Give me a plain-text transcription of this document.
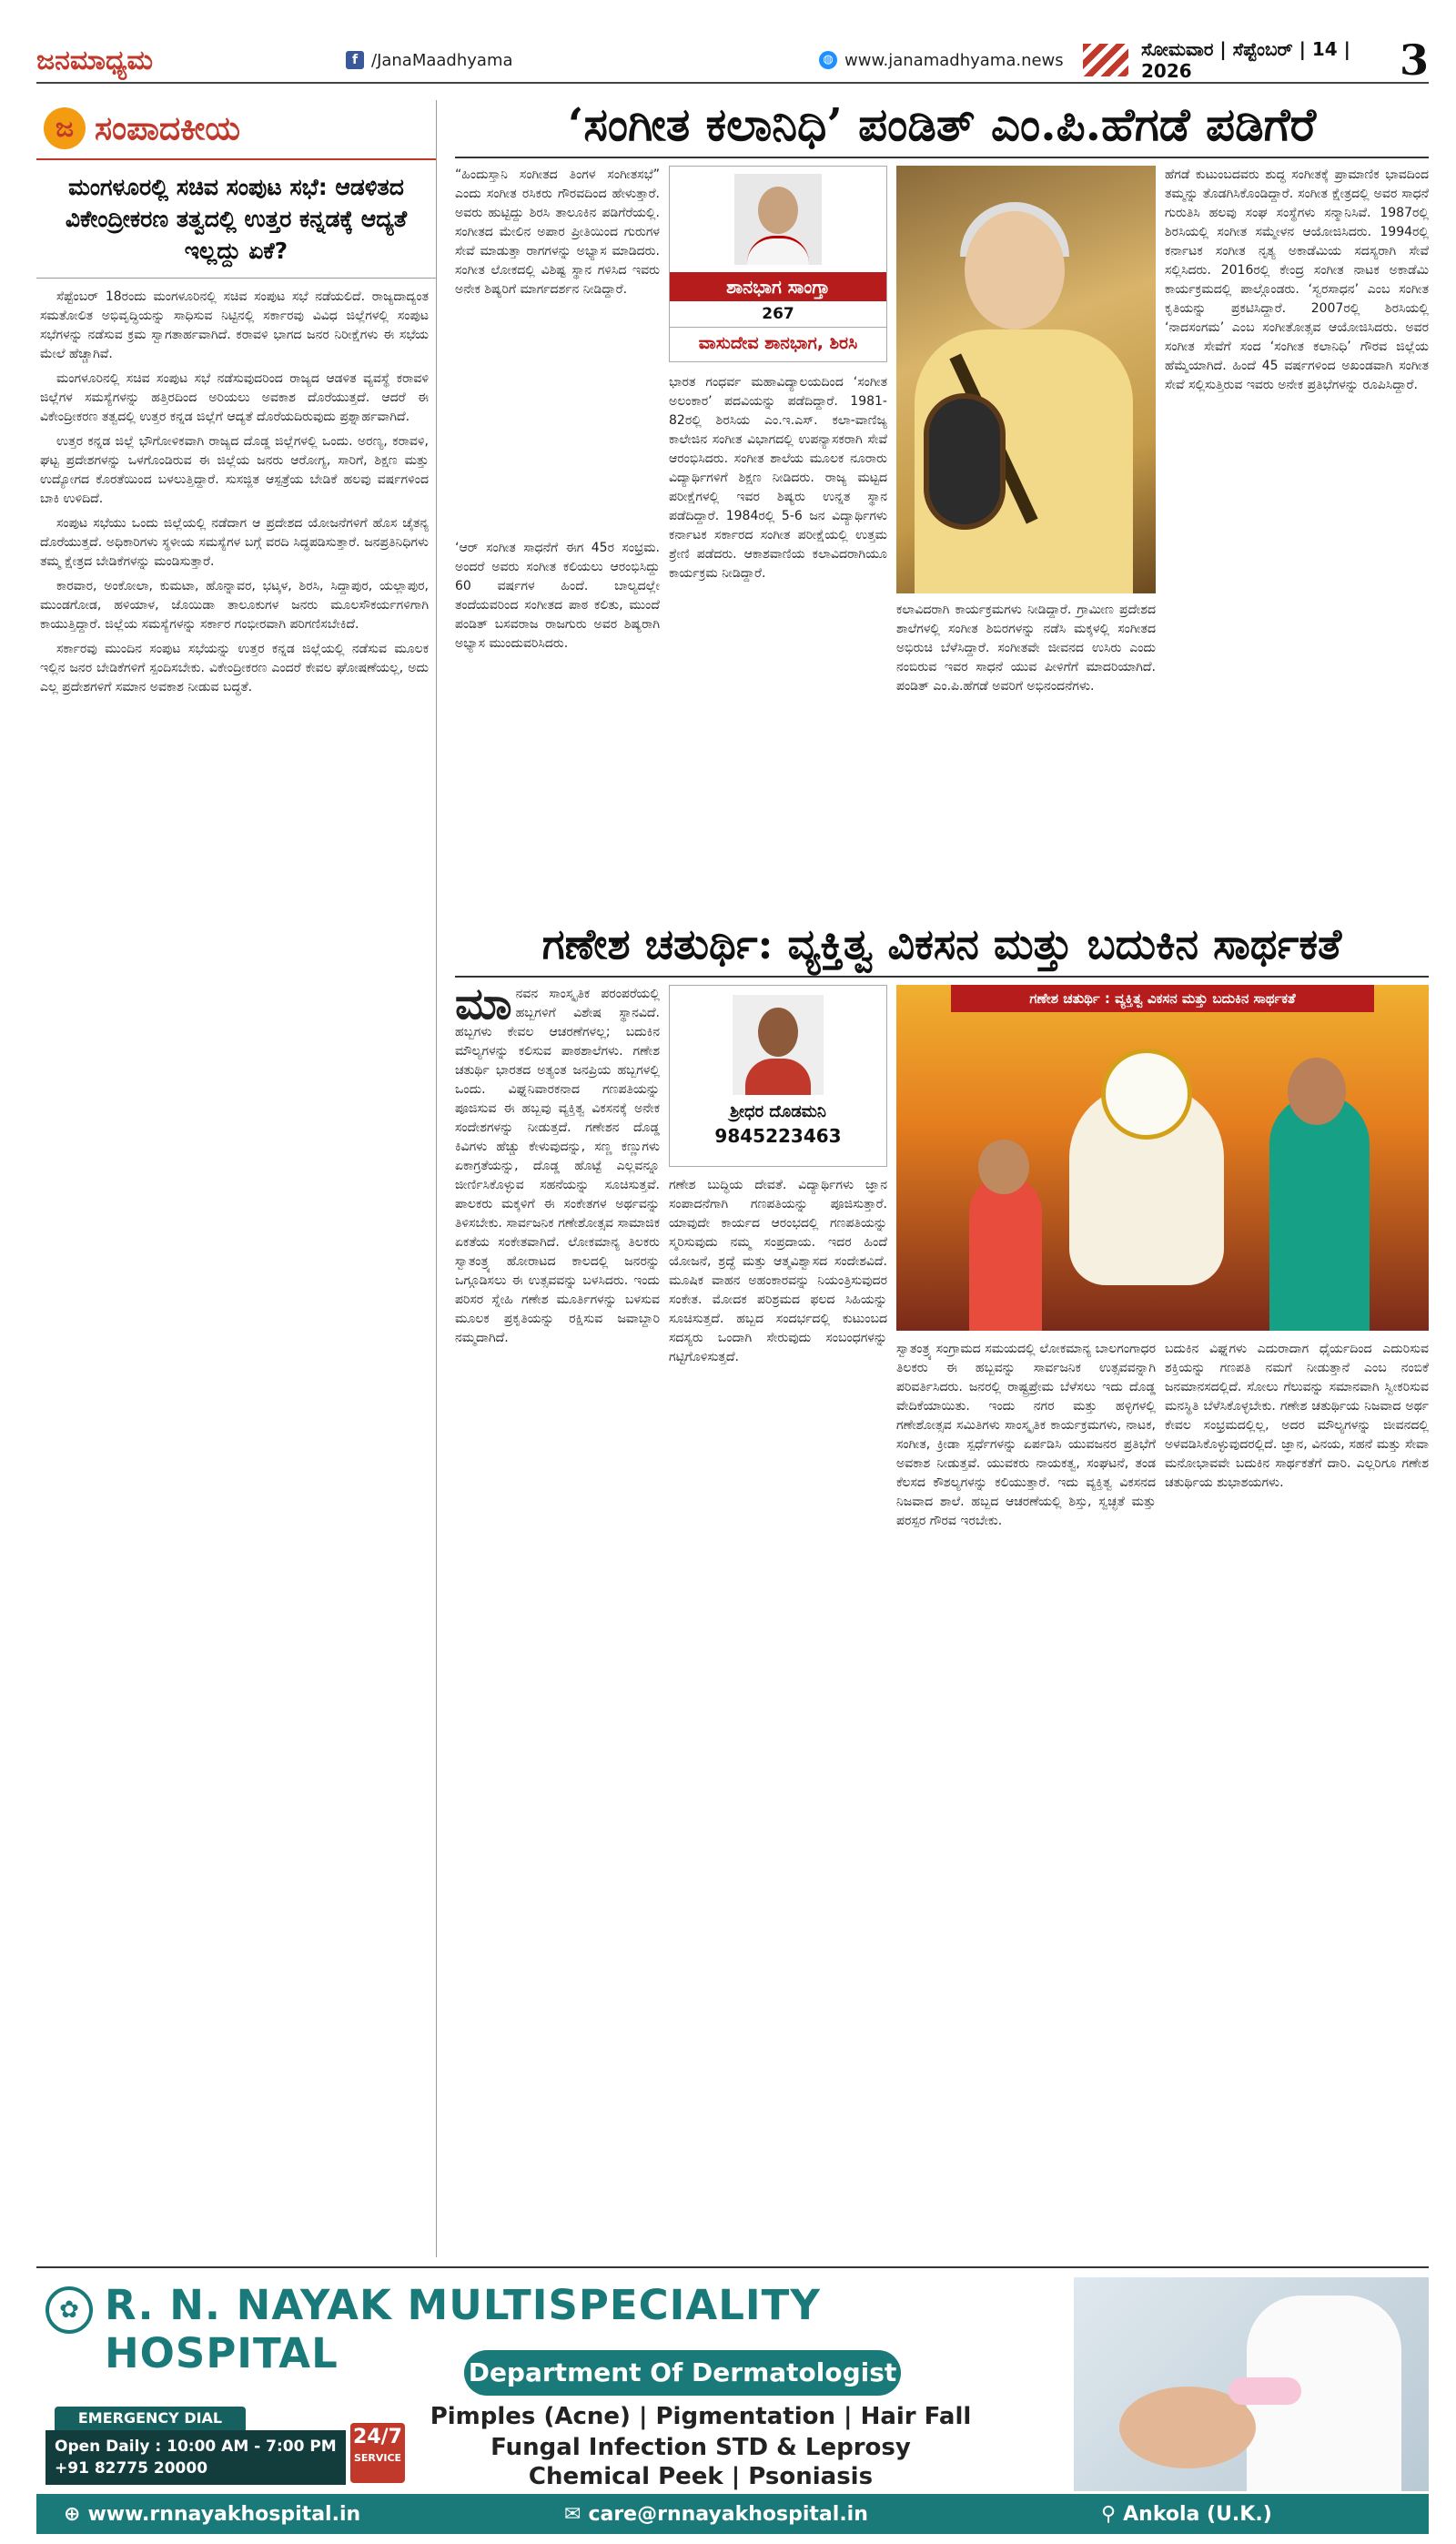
ಜನಮಾಧ್ಯಮ	f /JanaMaadhyama	◍ www.janamadhyama.news	ಸೋಮವಾರ | ಸೆಪ್ಟೆಂಬರ್ | 14 | 2026	3
ಜ ಸಂಪಾದಕೀಯ
ಮಂಗಳೂರಲ್ಲಿ ಸಚಿವ ಸಂಪುಟ ಸಭೆ: ಆಡಳಿತದ ವಿಕೇಂದ್ರೀಕರಣ ತತ್ವದಲ್ಲಿ ಉತ್ತರ ಕನ್ನಡಕ್ಕೆ ಆದ್ಯತೆ ಇಲ್ಲದ್ದು ಏಕೆ?

ಸೆಪ್ಟೆಂಬರ್ 18ರಂದು ಮಂಗಳೂರಿನಲ್ಲಿ ಸಚಿವ ಸಂಪುಟ ಸಭೆ ನಡೆಯಲಿದೆ. ರಾಜ್ಯದಾದ್ಯಂತ ಸಮತೋಲಿತ ಅಭಿವೃದ್ಧಿಯನ್ನು ಸಾಧಿಸುವ ನಿಟ್ಟಿನಲ್ಲಿ ಸರ್ಕಾರವು ವಿವಿಧ ಜಿಲ್ಲೆಗಳಲ್ಲಿ ಸಂಪುಟ ಸಭೆಗಳನ್ನು ನಡೆಸುವ ಕ್ರಮ ಸ್ವಾಗತಾರ್ಹವಾಗಿದೆ. ಕರಾವಳಿ ಭಾಗದ ಜನರ ನಿರೀಕ್ಷೆಗಳು ಈ ಸಭೆಯ ಮೇಲೆ ಹೆಚ್ಚಾಗಿವೆ.

ಮಂಗಳೂರಿನಲ್ಲಿ ಸಚಿವ ಸಂಪುಟ ಸಭೆ ನಡೆಸುವುದರಿಂದ ರಾಜ್ಯದ ಆಡಳಿತ ವ್ಯವಸ್ಥೆ ಕರಾವಳಿ ಜಿಲ್ಲೆಗಳ ಸಮಸ್ಯೆಗಳನ್ನು ಹತ್ತಿರದಿಂದ ಅರಿಯಲು ಅವಕಾಶ ದೊರೆಯುತ್ತದೆ. ಆದರೆ ಈ ವಿಕೇಂದ್ರೀಕರಣ ತತ್ವದಲ್ಲಿ ಉತ್ತರ ಕನ್ನಡ ಜಿಲ್ಲೆಗೆ ಆದ್ಯತೆ ದೊರೆಯದಿರುವುದು ಪ್ರಶ್ನಾರ್ಹವಾಗಿದೆ.

ಉತ್ತರ ಕನ್ನಡ ಜಿಲ್ಲೆ ಭೌಗೋಳಿಕವಾಗಿ ರಾಜ್ಯದ ದೊಡ್ಡ ಜಿಲ್ಲೆಗಳಲ್ಲಿ ಒಂದು. ಅರಣ್ಯ, ಕರಾವಳಿ, ಘಟ್ಟ ಪ್ರದೇಶಗಳನ್ನು ಒಳಗೊಂಡಿರುವ ಈ ಜಿಲ್ಲೆಯ ಜನರು ಆರೋಗ್ಯ, ಸಾರಿಗೆ, ಶಿಕ್ಷಣ ಮತ್ತು ಉದ್ಯೋಗದ ಕೊರತೆಯಿಂದ ಬಳಲುತ್ತಿದ್ದಾರೆ. ಸುಸಜ್ಜಿತ ಆಸ್ಪತ್ರೆಯ ಬೇಡಿಕೆ ಹಲವು ವರ್ಷಗಳಿಂದ ಬಾಕಿ ಉಳಿದಿದೆ.

ಸಂಪುಟ ಸಭೆಯು ಒಂದು ಜಿಲ್ಲೆಯಲ್ಲಿ ನಡೆದಾಗ ಆ ಪ್ರದೇಶದ ಯೋಜನೆಗಳಿಗೆ ಹೊಸ ಚೈತನ್ಯ ದೊರೆಯುತ್ತದೆ. ಅಧಿಕಾರಿಗಳು ಸ್ಥಳೀಯ ಸಮಸ್ಯೆಗಳ ಬಗ್ಗೆ ವರದಿ ಸಿದ್ಧಪಡಿಸುತ್ತಾರೆ. ಜನಪ್ರತಿನಿಧಿಗಳು ತಮ್ಮ ಕ್ಷೇತ್ರದ ಬೇಡಿಕೆಗಳನ್ನು ಮಂಡಿಸುತ್ತಾರೆ.

ಕಾರವಾರ, ಅಂಕೋಲಾ, ಕುಮಟಾ, ಹೊನ್ನಾವರ, ಭಟ್ಕಳ, ಶಿರಸಿ, ಸಿದ್ದಾಪುರ, ಯಲ್ಲಾಪುರ, ಮುಂಡಗೋಡ, ಹಳಿಯಾಳ, ಜೊಯಿಡಾ ತಾಲೂಕುಗಳ ಜನರು ಮೂಲಸೌಕರ್ಯಗಳಿಗಾಗಿ ಕಾಯುತ್ತಿದ್ದಾರೆ. ಜಿಲ್ಲೆಯ ಸಮಸ್ಯೆಗಳನ್ನು ಸರ್ಕಾರ ಗಂಭೀರವಾಗಿ ಪರಿಗಣಿಸಬೇಕಿದೆ.

ಸರ್ಕಾರವು ಮುಂದಿನ ಸಂಪುಟ ಸಭೆಯನ್ನು ಉತ್ತರ ಕನ್ನಡ ಜಿಲ್ಲೆಯಲ್ಲಿ ನಡೆಸುವ ಮೂಲಕ ಇಲ್ಲಿನ ಜನರ ಬೇಡಿಕೆಗಳಿಗೆ ಸ್ಪಂದಿಸಬೇಕು. ವಿಕೇಂದ್ರೀಕರಣ ಎಂದರೆ ಕೇವಲ ಘೋಷಣೆಯಲ್ಲ, ಅದು ಎಲ್ಲ ಪ್ರದೇಶಗಳಿಗೆ ಸಮಾನ ಅವಕಾಶ ನೀಡುವ ಬದ್ಧತೆ.

‘ಸಂಗೀತ ಕಲಾನಿಧಿ’ ಪಂಡಿತ್ ಎಂ.ಪಿ.ಹೆಗಡೆ ಪಡಿಗೆರೆ
“ಹಿಂದುಸ್ತಾನಿ ಸಂಗೀತದ ತಿಂಗಳ ಸಂಗೀತಸಭೆ” ಎಂದು ಸಂಗೀತ ರಸಿಕರು ಗೌರವದಿಂದ ಹೇಳುತ್ತಾರೆ. ಅವರು ಹುಟ್ಟಿದ್ದು ಶಿರಸಿ ತಾಲೂಕಿನ ಪಡಿಗೆರೆಯಲ್ಲಿ. ಸಂಗೀತದ ಮೇಲಿನ ಅಪಾರ ಪ್ರೀತಿಯಿಂದ ಗುರುಗಳ ಸೇವೆ ಮಾಡುತ್ತಾ ರಾಗಗಳನ್ನು ಅಭ್ಯಾಸ ಮಾಡಿದರು. ಸಂಗೀತ ಲೋಕದಲ್ಲಿ ವಿಶಿಷ್ಟ ಸ್ಥಾನ ಗಳಿಸಿದ ಇವರು ಅನೇಕ ಶಿಷ್ಯರಿಗೆ ಮಾರ್ಗದರ್ಶನ ನೀಡಿದ್ದಾರೆ.	ಶಾನಭಾಗ ಸಾಂಗ್ತಾ
267
ವಾಸುದೇವ ಶಾನಭಾಗ, ಶಿರಸಿ
ಭಾರತ ಗಂಧರ್ವ ಮಹಾವಿದ್ಯಾಲಯದಿಂದ ‘ಸಂಗೀತ ಅಲಂಕಾರ’ ಪದವಿಯನ್ನು ಪಡೆದಿದ್ದಾರೆ. 1981-82ರಲ್ಲಿ ಶಿರಸಿಯ ಎಂ.ಇ.ಎಸ್. ಕಲಾ-ವಾಣಿಜ್ಯ ಕಾಲೇಜಿನ ಸಂಗೀತ ವಿಭಾಗದಲ್ಲಿ ಉಪನ್ಯಾಸಕರಾಗಿ ಸೇವೆ ಆರಂಭಿಸಿದರು. ಸಂಗೀತ ಶಾಲೆಯ ಮೂಲಕ ನೂರಾರು ವಿದ್ಯಾರ್ಥಿಗಳಿಗೆ ಶಿಕ್ಷಣ ನೀಡಿದರು. ರಾಜ್ಯ ಮಟ್ಟದ ಪರೀಕ್ಷೆಗಳಲ್ಲಿ ಇವರ ಶಿಷ್ಯರು ಉನ್ನತ ಸ್ಥಾನ ಪಡೆದಿದ್ದಾರೆ. 1984ರಲ್ಲಿ 5-6 ಜನ ವಿದ್ಯಾರ್ಥಿಗಳು ಕರ್ನಾಟಕ ಸರ್ಕಾರದ ಸಂಗೀತ ಪರೀಕ್ಷೆಯಲ್ಲಿ ಉತ್ತಮ ಶ್ರೇಣಿ ಪಡೆದರು. ಆಕಾಶವಾಣಿಯ ಕಲಾವಿದರಾಗಿಯೂ ಕಾರ್ಯಕ್ರಮ ನೀಡಿದ್ದಾರೆ.
ಹೆಗಡೆ ಕುಟುಂಬದವರು ಶುದ್ಧ ಸಂಗೀತಕ್ಕೆ ಪ್ರಾಮಾಣಿಕ ಭಾವದಿಂದ ತಮ್ಮನ್ನು ತೊಡಗಿಸಿಕೊಂಡಿದ್ದಾರೆ. ಸಂಗೀತ ಕ್ಷೇತ್ರದಲ್ಲಿ ಅವರ ಸಾಧನೆ ಗುರುತಿಸಿ ಹಲವು ಸಂಘ ಸಂಸ್ಥೆಗಳು ಸನ್ಮಾನಿಸಿವೆ. 1987ರಲ್ಲಿ ಶಿರಸಿಯಲ್ಲಿ ಸಂಗೀತ ಸಮ್ಮೇಳನ ಆಯೋಜಿಸಿದರು. 1994ರಲ್ಲಿ ಕರ್ನಾಟಕ ಸಂಗೀತ ನೃತ್ಯ ಅಕಾಡೆಮಿಯ ಸದಸ್ಯರಾಗಿ ಸೇವೆ ಸಲ್ಲಿಸಿದರು. 2016ರಲ್ಲಿ ಕೇಂದ್ರ ಸಂಗೀತ ನಾಟಕ ಅಕಾಡೆಮಿ ಕಾರ್ಯಕ್ರಮದಲ್ಲಿ ಪಾಲ್ಗೊಂಡರು. ‘ಸ್ವರಸಾಧನ’ ಎಂಬ ಸಂಗೀತ ಕೃತಿಯನ್ನು ಪ್ರಕಟಿಸಿದ್ದಾರೆ. 2007ರಲ್ಲಿ ಶಿರಸಿಯಲ್ಲಿ ‘ನಾದಸಂಗಮ’ ಎಂಬ ಸಂಗೀತೋತ್ಸವ ಆಯೋಜಿಸಿದರು. ಅವರ ಸಂಗೀತ ಸೇವೆಗೆ ಸಂದ ‘ಸಂಗೀತ ಕಲಾನಿಧಿ’ ಗೌರವ ಜಿಲ್ಲೆಯ ಹೆಮ್ಮೆಯಾಗಿದೆ. ಹಿಂದೆ 45 ವರ್ಷಗಳಿಂದ ಅಖಂಡವಾಗಿ ಸಂಗೀತ ಸೇವೆ ಸಲ್ಲಿಸುತ್ತಿರುವ ಇವರು ಅನೇಕ ಪ್ರತಿಭೆಗಳನ್ನು ರೂಪಿಸಿದ್ದಾರೆ.
‘ಆರ್ ಸಂಗೀತ ಸಾಧನೆಗೆ ಈಗ 45ರ ಸಂಭ್ರಮ. ಅಂದರೆ ಅವರು ಸಂಗೀತ ಕಲಿಯಲು ಆರಂಭಿಸಿದ್ದು 60 ವರ್ಷಗಳ ಹಿಂದೆ. ಬಾಲ್ಯದಲ್ಲೇ ತಂದೆಯವರಿಂದ ಸಂಗೀತದ ಪಾಠ ಕಲಿತು, ಮುಂದೆ ಪಂಡಿತ್ ಬಸವರಾಜ ರಾಜಗುರು ಅವರ ಶಿಷ್ಯರಾಗಿ ಅಭ್ಯಾಸ ಮುಂದುವರಿಸಿದರು.
ಕಲಾವಿದರಾಗಿ ಕಾರ್ಯಕ್ರಮಗಳು ನೀಡಿದ್ದಾರೆ. ಗ್ರಾಮೀಣ ಪ್ರದೇಶದ ಶಾಲೆಗಳಲ್ಲಿ ಸಂಗೀತ ಶಿಬಿರಗಳನ್ನು ನಡೆಸಿ ಮಕ್ಕಳಲ್ಲಿ ಸಂಗೀತದ ಅಭಿರುಚಿ ಬೆಳೆಸಿದ್ದಾರೆ. ಸಂಗೀತವೇ ಜೀವನದ ಉಸಿರು ಎಂದು ನಂಬಿರುವ ಇವರ ಸಾಧನೆ ಯುವ ಪೀಳಿಗೆಗೆ ಮಾದರಿಯಾಗಿದೆ. ಪಂಡಿತ್ ಎಂ.ಪಿ.ಹೆಗಡೆ ಅವರಿಗೆ ಅಭಿನಂದನೆಗಳು.
ಗಣೇಶ ಚತುರ್ಥಿ: ವ್ಯಕ್ತಿತ್ವ ವಿಕಸನ ಮತ್ತು ಬದುಕಿನ ಸಾರ್ಥಕತೆ
ಮಾ ನವನ ಸಾಂಸ್ಕೃತಿಕ ಪರಂಪರೆಯಲ್ಲಿ ಹಬ್ಬಗಳಿಗೆ ವಿಶೇಷ ಸ್ಥಾನವಿದೆ. ಹಬ್ಬಗಳು ಕೇವಲ ಆಚರಣೆಗಳಲ್ಲ; ಬದುಕಿನ ಮೌಲ್ಯಗಳನ್ನು ಕಲಿಸುವ ಪಾಠಶಾಲೆಗಳು. ಗಣೇಶ ಚತುರ್ಥಿ ಭಾರತದ ಅತ್ಯಂತ ಜನಪ್ರಿಯ ಹಬ್ಬಗಳಲ್ಲಿ ಒಂದು. ವಿಘ್ನನಿವಾರಕನಾದ ಗಣಪತಿಯನ್ನು ಪೂಜಿಸುವ ಈ ಹಬ್ಬವು ವ್ಯಕ್ತಿತ್ವ ವಿಕಸನಕ್ಕೆ ಅನೇಕ ಸಂದೇಶಗಳನ್ನು ನೀಡುತ್ತದೆ. ಗಣೇಶನ ದೊಡ್ಡ ಕಿವಿಗಳು ಹೆಚ್ಚು ಕೇಳುವುದನ್ನು, ಸಣ್ಣ ಕಣ್ಣುಗಳು ಏಕಾಗ್ರತೆಯನ್ನು, ದೊಡ್ಡ ಹೊಟ್ಟೆ ಎಲ್ಲವನ್ನೂ ಜೀರ್ಣಿಸಿಕೊಳ್ಳುವ ಸಹನೆಯನ್ನು ಸೂಚಿಸುತ್ತವೆ. ಪಾಲಕರು ಮಕ್ಕಳಿಗೆ ಈ ಸಂಕೇತಗಳ ಅರ್ಥವನ್ನು ತಿಳಿಸಬೇಕು. ಸಾರ್ವಜನಿಕ ಗಣೇಶೋತ್ಸವ ಸಾಮಾಜಿಕ ಏಕತೆಯ ಸಂಕೇತವಾಗಿದೆ. ಲೋಕಮಾನ್ಯ ತಿಲಕರು ಸ್ವಾತಂತ್ರ್ಯ ಹೋರಾಟದ ಕಾಲದಲ್ಲಿ ಜನರನ್ನು ಒಗ್ಗೂಡಿಸಲು ಈ ಉತ್ಸವವನ್ನು ಬಳಸಿದರು. ಇಂದು ಪರಿಸರ ಸ್ನೇಹಿ ಗಣೇಶ ಮೂರ್ತಿಗಳನ್ನು ಬಳಸುವ ಮೂಲಕ ಪ್ರಕೃತಿಯನ್ನು ರಕ್ಷಿಸುವ ಜವಾಬ್ದಾರಿ ನಮ್ಮದಾಗಿದೆ.
ಶ್ರೀಧರ ದೊಡಮನಿ
9845223463
ಗಣೇಶ ಬುದ್ಧಿಯ ದೇವತೆ. ವಿದ್ಯಾರ್ಥಿಗಳು ಜ್ಞಾನ ಸಂಪಾದನೆಗಾಗಿ ಗಣಪತಿಯನ್ನು ಪೂಜಿಸುತ್ತಾರೆ. ಯಾವುದೇ ಕಾರ್ಯದ ಆರಂಭದಲ್ಲಿ ಗಣಪತಿಯನ್ನು ಸ್ಮರಿಸುವುದು ನಮ್ಮ ಸಂಪ್ರದಾಯ. ಇದರ ಹಿಂದೆ ಯೋಜನೆ, ಶ್ರದ್ಧೆ ಮತ್ತು ಆತ್ಮವಿಶ್ವಾಸದ ಸಂದೇಶವಿದೆ. ಮೂಷಿಕ ವಾಹನ ಅಹಂಕಾರವನ್ನು ನಿಯಂತ್ರಿಸುವುದರ ಸಂಕೇತ. ಮೋದಕ ಪರಿಶ್ರಮದ ಫಲದ ಸಿಹಿಯನ್ನು ಸೂಚಿಸುತ್ತದೆ. ಹಬ್ಬದ ಸಂದರ್ಭದಲ್ಲಿ ಕುಟುಂಬದ ಸದಸ್ಯರು ಒಂದಾಗಿ ಸೇರುವುದು ಸಂಬಂಧಗಳನ್ನು ಗಟ್ಟಿಗೊಳಿಸುತ್ತದೆ.
ಗಣೇಶ ಚತುರ್ಥಿ : ವ್ಯಕ್ತಿತ್ವ ವಿಕಸನ ಮತ್ತು ಬದುಕಿನ ಸಾರ್ಥಕತೆ
ಸ್ವಾತಂತ್ರ್ಯ ಸಂಗ್ರಾಮದ ಸಮಯದಲ್ಲಿ ಲೋಕಮಾನ್ಯ ಬಾಲಗಂಗಾಧರ ತಿಲಕರು ಈ ಹಬ್ಬವನ್ನು ಸಾರ್ವಜನಿಕ ಉತ್ಸವವನ್ನಾಗಿ ಪರಿವರ್ತಿಸಿದರು. ಜನರಲ್ಲಿ ರಾಷ್ಟ್ರಪ್ರೇಮ ಬೆಳೆಸಲು ಇದು ದೊಡ್ಡ ವೇದಿಕೆಯಾಯಿತು. ಇಂದು ನಗರ ಮತ್ತು ಹಳ್ಳಿಗಳಲ್ಲಿ ಗಣೇಶೋತ್ಸವ ಸಮಿತಿಗಳು ಸಾಂಸ್ಕೃತಿಕ ಕಾರ್ಯಕ್ರಮಗಳು, ನಾಟಕ, ಸಂಗೀತ, ಕ್ರೀಡಾ ಸ್ಪರ್ಧೆಗಳನ್ನು ಏರ್ಪಡಿಸಿ ಯುವಜನರ ಪ್ರತಿಭೆಗೆ ಅವಕಾಶ ನೀಡುತ್ತವೆ. ಯುವಕರು ನಾಯಕತ್ವ, ಸಂಘಟನೆ, ತಂಡ ಕೆಲಸದ ಕೌಶಲ್ಯಗಳನ್ನು ಕಲಿಯುತ್ತಾರೆ. ಇದು ವ್ಯಕ್ತಿತ್ವ ವಿಕಸನದ ನಿಜವಾದ ಶಾಲೆ. ಹಬ್ಬದ ಆಚರಣೆಯಲ್ಲಿ ಶಿಸ್ತು, ಸ್ವಚ್ಛತೆ ಮತ್ತು ಪರಸ್ಪರ ಗೌರವ ಇರಬೇಕು.
ಬದುಕಿನ ವಿಘ್ನಗಳು ಎದುರಾದಾಗ ಧೈರ್ಯದಿಂದ ಎದುರಿಸುವ ಶಕ್ತಿಯನ್ನು ಗಣಪತಿ ನಮಗೆ ನೀಡುತ್ತಾನೆ ಎಂಬ ನಂಬಿಕೆ ಜನಮಾನಸದಲ್ಲಿದೆ. ಸೋಲು ಗೆಲುವನ್ನು ಸಮಾನವಾಗಿ ಸ್ವೀಕರಿಸುವ ಮನಸ್ಥಿತಿ ಬೆಳೆಸಿಕೊಳ್ಳಬೇಕು. ಗಣೇಶ ಚತುರ್ಥಿಯ ನಿಜವಾದ ಅರ್ಥ ಕೇವಲ ಸಂಭ್ರಮದಲ್ಲಿಲ್ಲ, ಅದರ ಮೌಲ್ಯಗಳನ್ನು ಜೀವನದಲ್ಲಿ ಅಳವಡಿಸಿಕೊಳ್ಳುವುದರಲ್ಲಿದೆ. ಜ್ಞಾನ, ವಿನಯ, ಸಹನೆ ಮತ್ತು ಸೇವಾ ಮನೋಭಾವವೇ ಬದುಕಿನ ಸಾರ್ಥಕತೆಗೆ ದಾರಿ. ಎಲ್ಲರಿಗೂ ಗಣೇಶ ಚತುರ್ಥಿಯ ಶುಭಾಶಯಗಳು.
✿ R. N. NAYAK MULTISPECIALITY HOSPITAL	Department Of Dermatologist
Pimples (Acne) | Pigmentation | Hair Fall
Fungal Infection STD & Leprosy
Chemical Peek | Psoniasis
EMERGENCY DIAL
Open Daily : 10:00 AM - 7:00 PM
+91 82775 20000
24/7
SERVICE
⊕ www.rnnayakhospital.in	✉ care@rnnayakhospital.in	⚲ Ankola (U.K.)
